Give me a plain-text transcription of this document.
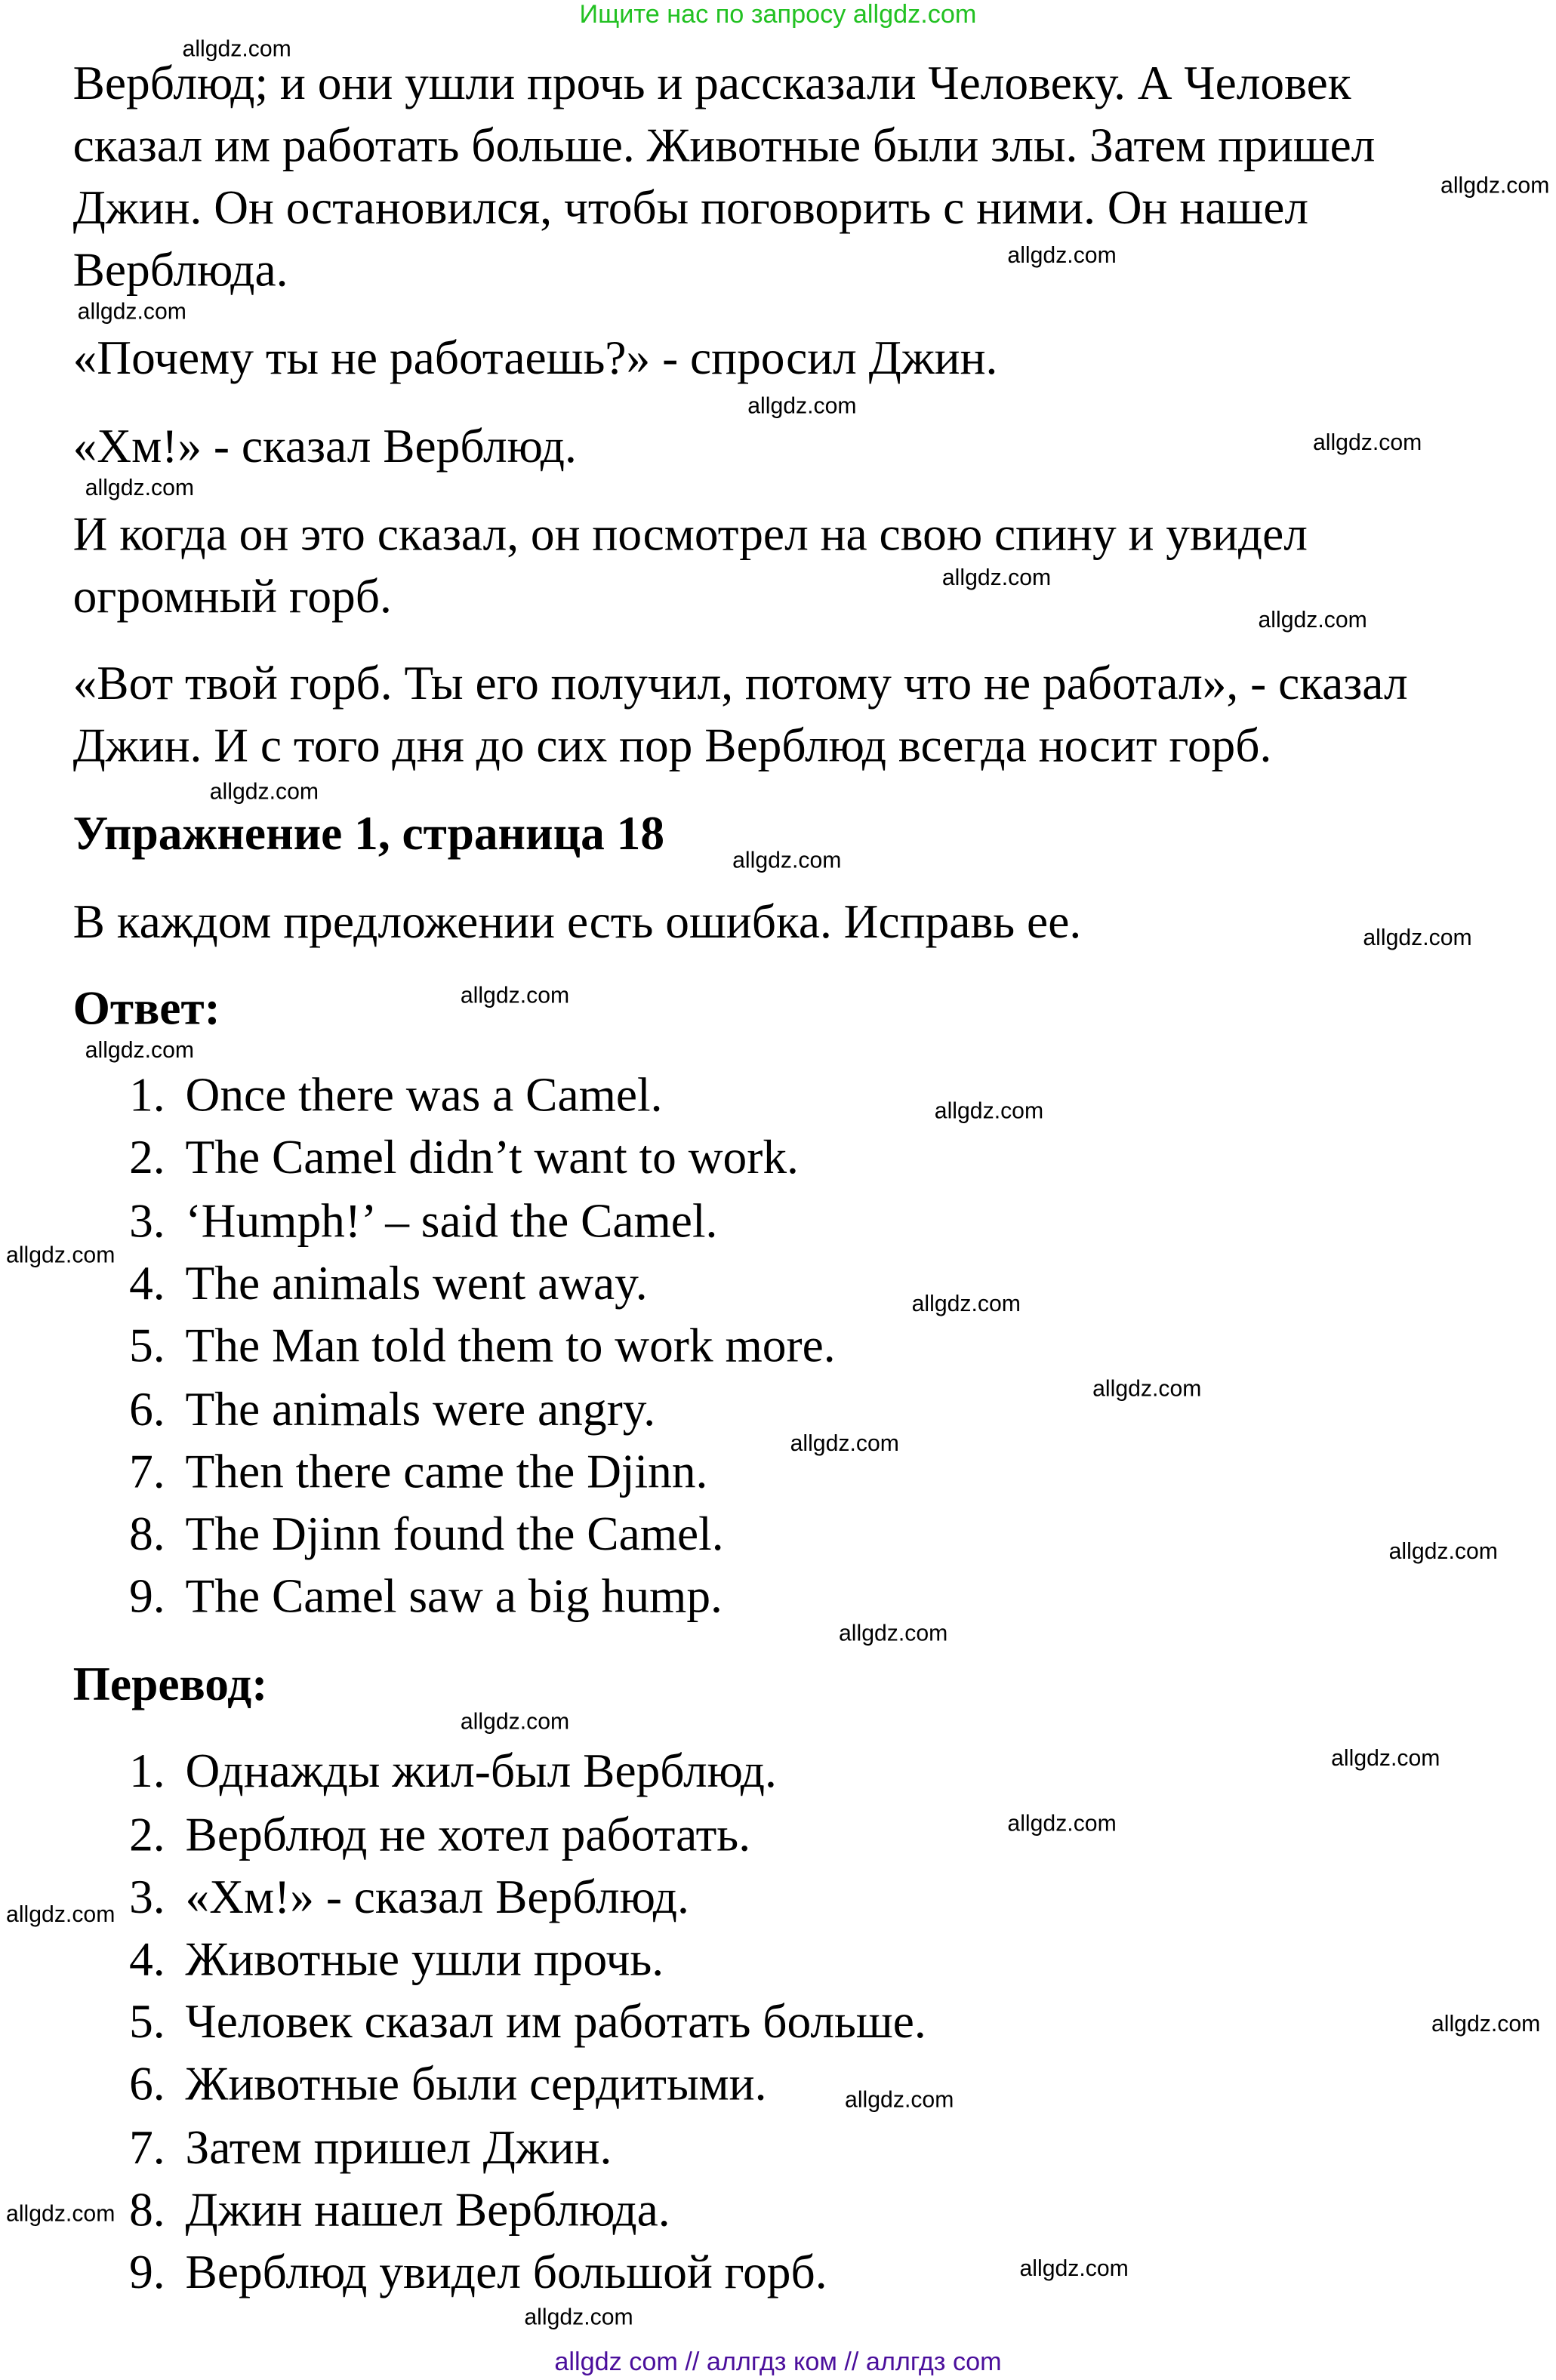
Ищите нас по запросу allgdz.com
Верблюд; и они ушли прочь и рассказали Человеку. А Человек
сказал им работать больше. Животные были злы. Затем пришел
Джин. Он остановился, чтобы поговорить с ними. Он нашел
Верблюда.
«Почему ты не работаешь?» - спросил Джин.
«Хм!» - сказал Верблюд.
И когда он это сказал, он посмотрел на свою спину и увидел
огромный горб.
«Вот твой горб. Ты его получил, потому что не работал», - сказал
Джин. И с того дня до сих пор Верблюд всегда носит горб.
Упражнение 1, страница 18
В каждом предложении есть ошибка. Исправь ее.
Ответ:
1. Once there was a Camel.
2. The Camel didn’t want to work.
3. ‘Humph!’ – said the Camel.
4. The animals went away.
5. The Man told them to work more.
6. The animals were angry.
7. Then there came the Djinn.
8. The Djinn found the Camel.
9. The Camel saw a big hump.
Перевод:
1. Однажды жил-был Верблюд.
2. Верблюд не хотел работать.
3. «Хм!» - сказал Верблюд.
4. Животные ушли прочь.
5. Человек сказал им работать больше.
6. Животные были сердитыми.
7. Затем пришел Джин.
8. Джин нашел Верблюда.
9. Верблюд увидел большой горб.
allgdz.com
allgdz.com
allgdz.com
allgdz.com
allgdz.com
allgdz.com
allgdz.com
allgdz.com
allgdz.com
allgdz.com
allgdz.com
allgdz.com
allgdz.com
allgdz.com
allgdz.com
allgdz.com
allgdz.com
allgdz.com
allgdz.com
allgdz.com
allgdz.com
allgdz.com
allgdz.com
allgdz.com
allgdz.com
allgdz.com
allgdz.com
allgdz.com
allgdz.com
allgdz.com
allgdz com // аллгдз ком // аллгдз com
